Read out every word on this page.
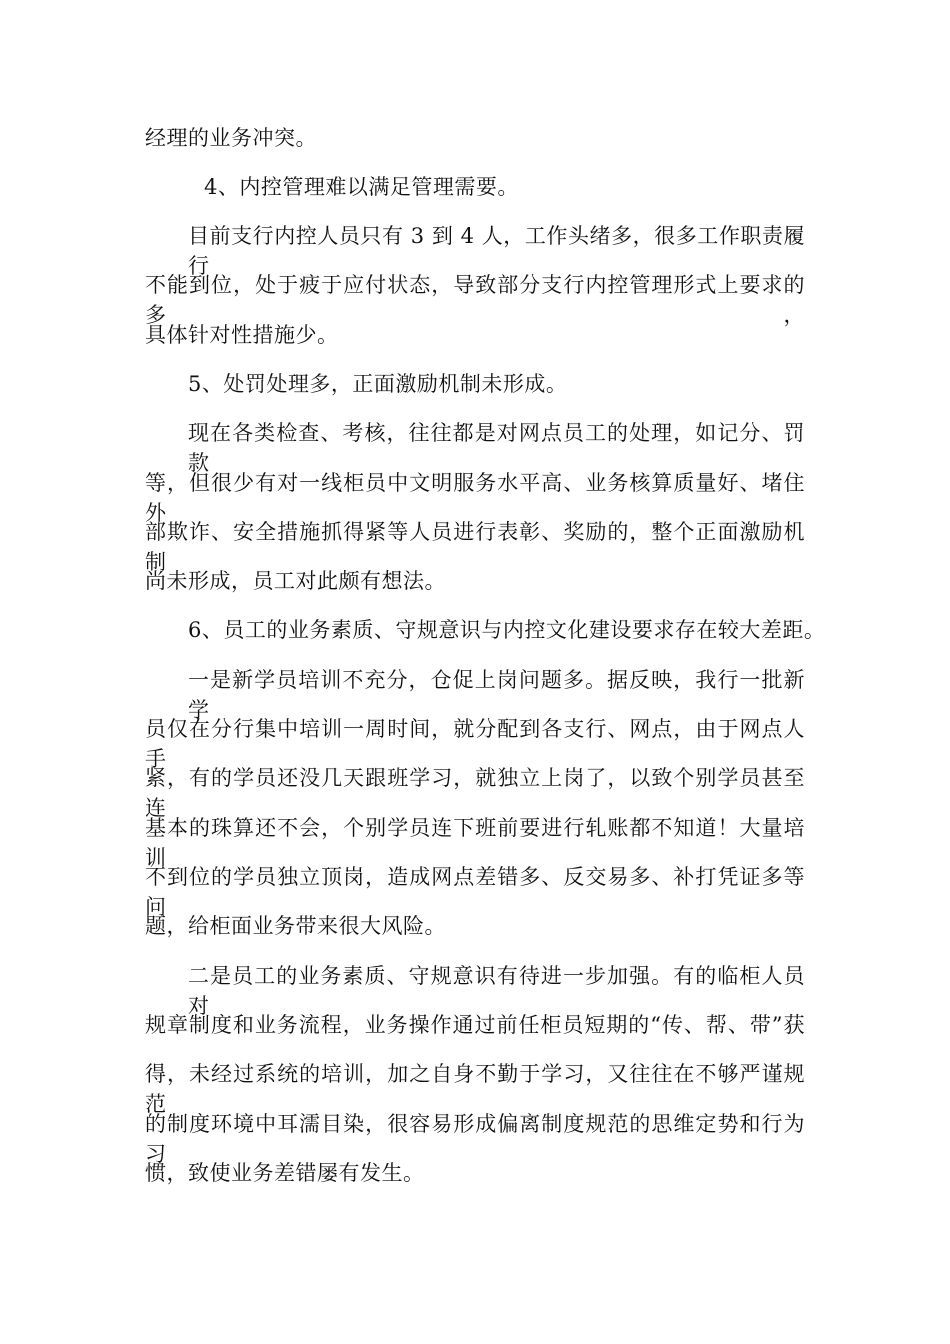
经理的业务冲突。
4、内控管理难以满足管理需要。
目前支行内控人员只有 3 到 4 人，工作头绪多，很多工作职责履行
不能到位，处于疲于应付状态，导致部分支行内控管理形式上要求的多，
具体针对性措施少。
5、处罚处理多，正面激励机制未形成。
现在各类检查、考核，往往都是对网点员工的处理，如记分、罚款
等，但很少有对一线柜员中文明服务水平高、业务核算质量好、堵住外
部欺诈、安全措施抓得紧等人员进行表彰、奖励的，整个正面激励机制
尚未形成，员工对此颇有想法。
6、员工的业务素质、守规意识与内控文化建设要求存在较大差距。
一是新学员培训不充分，仓促上岗问题多。据反映，我行一批新学
员仅在分行集中培训一周时间，就分配到各支行、网点，由于网点人手
紧，有的学员还没几天跟班学习，就独立上岗了，以致个别学员甚至连
基本的珠算还不会，个别学员连下班前要进行轧账都不知道！大量培训
不到位的学员独立顶岗，造成网点差错多、反交易多、补打凭证多等问
题，给柜面业务带来很大风险。
二是员工的业务素质、守规意识有待进一步加强。有的临柜人员对
规章制度和业务流程，业务操作通过前任柜员短期的“传、帮、带”获
得，未经过系统的培训，加之自身不勤于学习，又往往在不够严谨规范
的制度环境中耳濡目染，很容易形成偏离制度规范的思维定势和行为习
惯，致使业务差错屡有发生。
